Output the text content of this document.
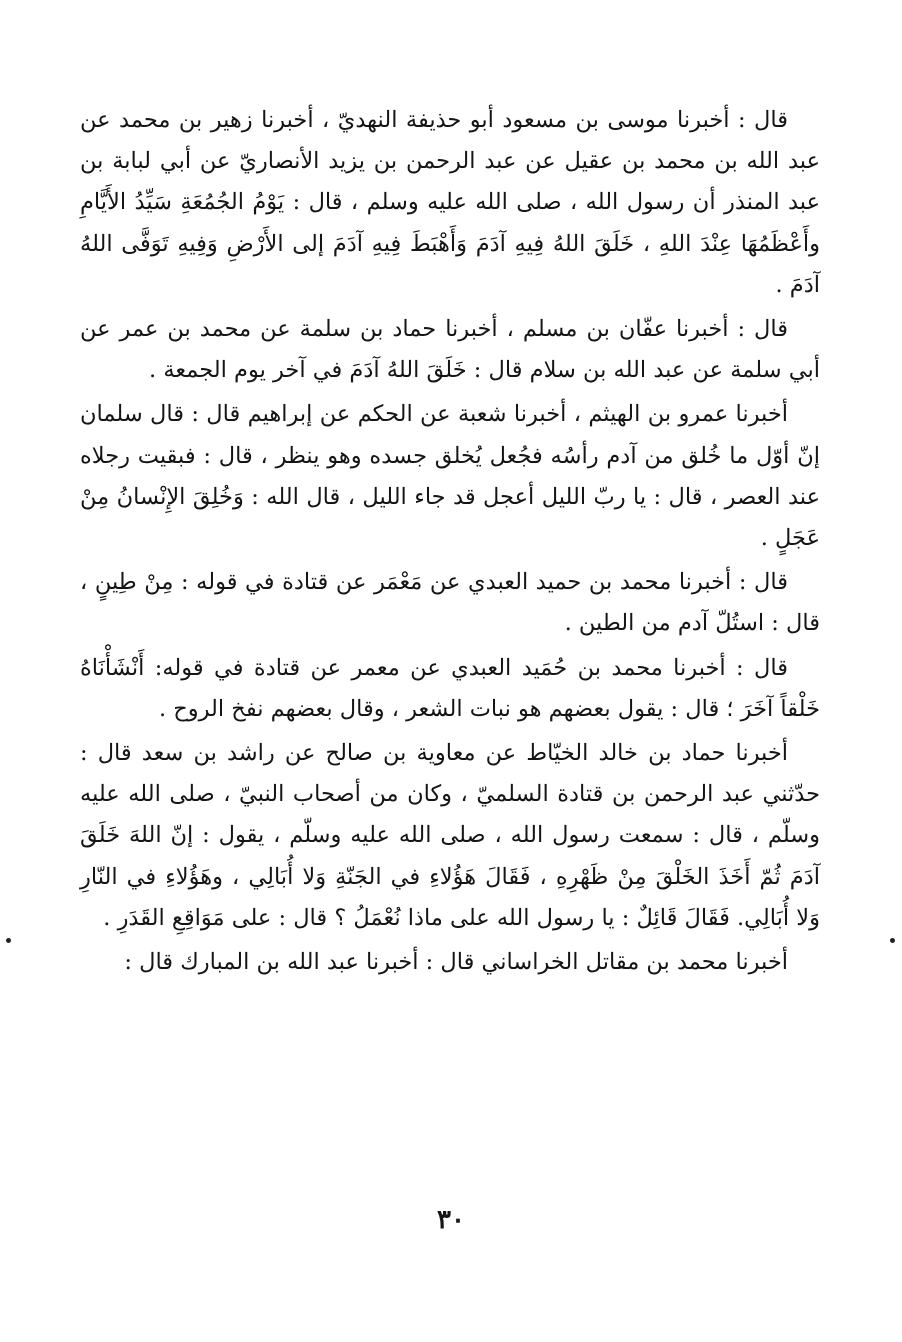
قال : أخبرنا موسى بن مسعود أبو حذيفة النهديّ ، أخبرنا زهير بن محمد عن عبد الله بن محمد بن عقيل عن عبد الرحمن بن يزيد الأنصاريّ عن أبي لبابة بن عبد المنذر أن رسول الله ، صلى الله عليه وسلم ، قال : يَوْمُ الجُمُعَةِ سَيِّدُ الأَيَّامِ وأَعْظَمُهَا عِنْدَ اللهِ ، خَلَقَ اللهُ فِيهِ آدَمَ وَأَهْبَطَ فِيهِ آدَمَ إلى الأَرْضِ وَفِيهِ تَوَفَّى اللهُ آدَمَ .

قال : أخبرنا عفّان بن مسلم ، أخبرنا حماد بن سلمة عن محمد بن عمر عن أبي سلمة عن عبد الله بن سلام قال : خَلَقَ اللهُ آدَمَ في آخر يوم الجمعة .

أخبرنا عمرو بن الهيثم ، أخبرنا شعبة عن الحكم عن إبراهيم قال : قال سلمان إنّ أوّل ما خُلق من آدم رأسُه فجُعل يُخلق جسده وهو ينظر ، قال : فبقيت رجلاه عند العصر ، قال : يا ربّ الليل أعجل قد جاء الليل ، قال الله : وَخُلِقَ الإِنْسانُ مِنْ عَجَلٍ .

قال : أخبرنا محمد بن حميد العبدي عن مَعْمَر عن قتادة في قوله : مِنْ طِينٍ ، قال : استُلّ آدم من الطين .

قال : أخبرنا محمد بن حُمَيد العبدي عن معمر عن قتادة في قوله: أَنْشَأْنَاهُ خَلْقاً آخَرَ ؛ قال : يقول بعضهم هو نبات الشعر ، وقال بعضهم نفخ الروح .

أخبرنا حماد بن خالد الخيّاط عن معاوية بن صالح عن راشد بن سعد قال : حدّثني عبد الرحمن بن قتادة السلميّ ، وكان من أصحاب النبيّ ، صلى الله عليه وسلّم ، قال : سمعت رسول الله ، صلى الله عليه وسلّم ، يقول : إنّ اللهَ خَلَقَ آدَمَ ثُمّ أَخَذَ الخَلْقَ مِنْ ظَهْرِهِ ، فَقَالَ هَؤُلاءِ في الجَنّةِ وَلا أُبَالِي ، وهَؤُلاءِ في النّارِ وَلا أُبَالِي. فَقَالَ قَائِلٌ : يا رسول الله على ماذا نُعْمَلُ ؟ قال : على مَوَاقِعِ القَدَرِ .

أخبرنا محمد بن مقاتل الخراساني قال : أخبرنا عبد الله بن المبارك قال :

٣٠
